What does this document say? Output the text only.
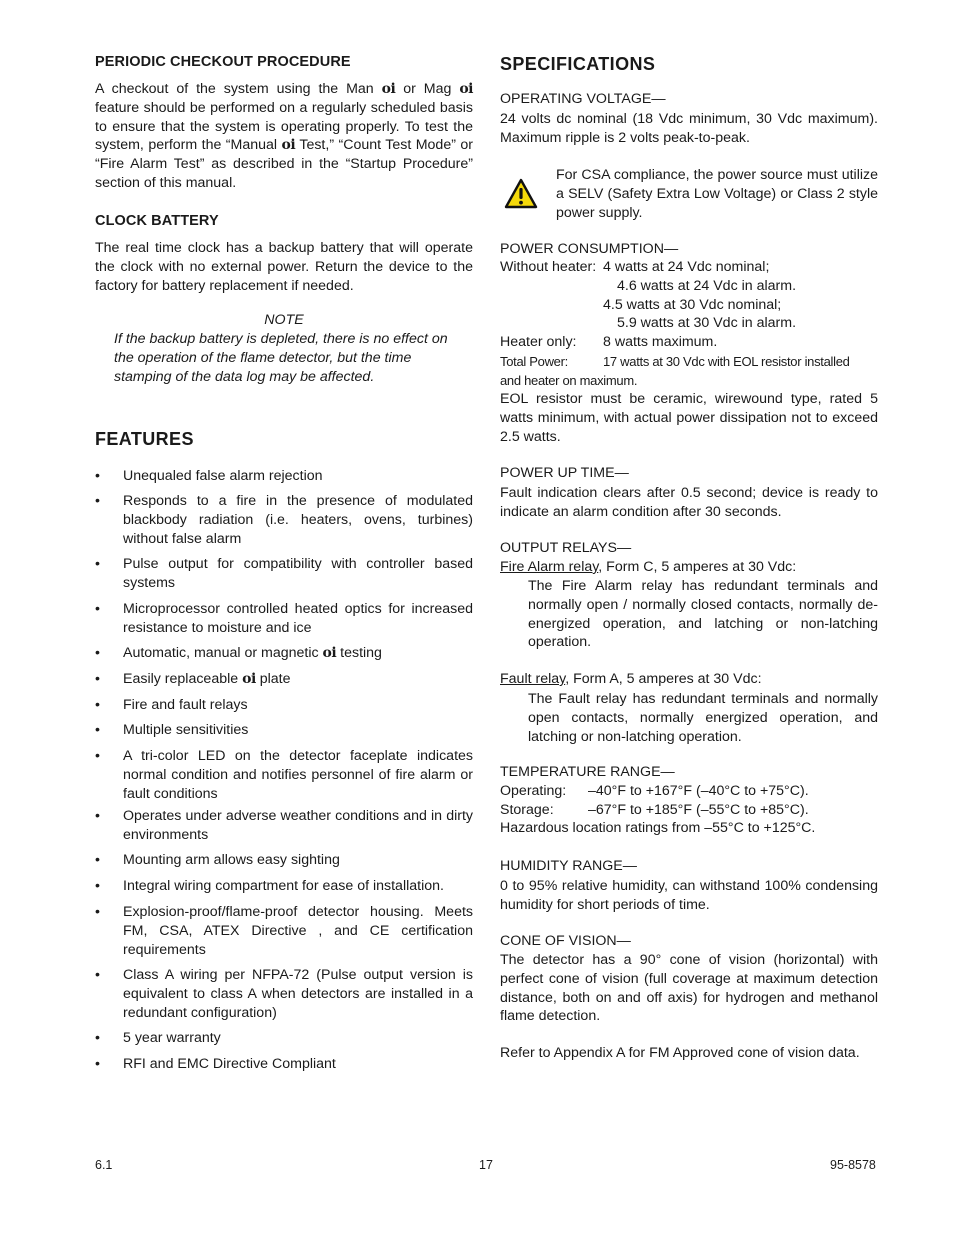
PERIODIC CHECKOUT PROCEDURE
A checkout of the system using the Man oi or Mag oi feature should be performed on a regularly scheduled basis to ensure that the system is operating properly. To test the system, perform the “Manual oi Test,” “Count Test Mode” or “Fire Alarm Test” as described in the “Startup Procedure” section of this manual.
CLOCK BATTERY
The real time clock has a backup battery that will operate the clock with no external power. Return the device to the factory for battery replacement if needed.
NOTE
If the backup battery is depleted, there is no effect on the operation of the flame detector, but the time stamping of the data log may be affected.
FEATURES
• Unequaled false alarm rejection
• Responds to a fire in the presence of modulated blackbody radiation (i.e. heaters, ovens, turbines) without false alarm
• Pulse output for compatibility with controller based systems
• Microprocessor controlled heated optics for increased resistance to moisture and ice
• Automatic, manual or magnetic oi testing
• Easily replaceable oi plate
• Fire and fault relays
• Multiple sensitivities
• A tri-color LED on the detector faceplate indicates normal condition and notifies personnel of fire alarm or fault conditions
• Operates under adverse weather conditions and in dirty environments
• Mounting arm allows easy sighting
• Integral wiring compartment for ease of installation.
• Explosion-proof/flame-proof detector housing. Meets FM, CSA, ATEX Directive , and CE certification requirements
• Class A wiring per NFPA-72 (Pulse output version is equivalent to class A when detectors are installed in a redundant configuration)
• 5 year warranty
• RFI and EMC Directive Compliant
SPECIFICATIONS
OPERATING VOLTAGE—
24 volts dc nominal (18 Vdc minimum, 30 Vdc maximum). Maximum ripple is 2 volts peak-to-peak.
For CSA compliance, the power source must utilize a SELV (Safety Extra Low Voltage) or Class 2 style power supply.
POWER CONSUMPTION—
Without heater: 4 watts at 24 Vdc nominal;
4.6 watts at 24 Vdc in alarm.
4.5 watts at 30 Vdc nominal;
5.9 watts at 30 Vdc in alarm.
Heater only: 8 watts maximum.
Total Power:	17 watts at 30 Vdc with EOL resistor installed
and heater on maximum.
EOL resistor must be ceramic, wirewound type, rated 5 watts minimum, with actual power dissipation not to exceed 2.5 watts.
POWER UP TIME—
Fault indication clears after 0.5 second; device is ready to indicate an alarm condition after 30 seconds.
OUTPUT RELAYS—
Fire Alarm relay, Form C, 5 amperes at 30 Vdc:
The Fire Alarm relay has redundant terminals and normally open / normally closed contacts, normally de-energized operation, and latching or non-latching operation.
Fault relay, Form A, 5 amperes at 30 Vdc:
The Fault relay has redundant terminals and normally open contacts, normally energized operation, and latching or non-latching operation.
TEMPERATURE RANGE—
Operating: –40°F to +167°F (–40°C to +75°C).
Storage: –67°F to +185°F (–55°C to +85°C).
Hazardous location ratings from –55°C to +125°C.
HUMIDITY RANGE—
0 to 95% relative humidity, can withstand 100% condensing humidity for short periods of time.
CONE OF VISION—
The detector has a 90° cone of vision (horizontal) with perfect cone of vision (full coverage at maximum detection distance, both on and off axis) for hydrogen and methanol flame detection.
Refer to Appendix A for FM Approved cone of vision data.
6.1	17	95-8578
